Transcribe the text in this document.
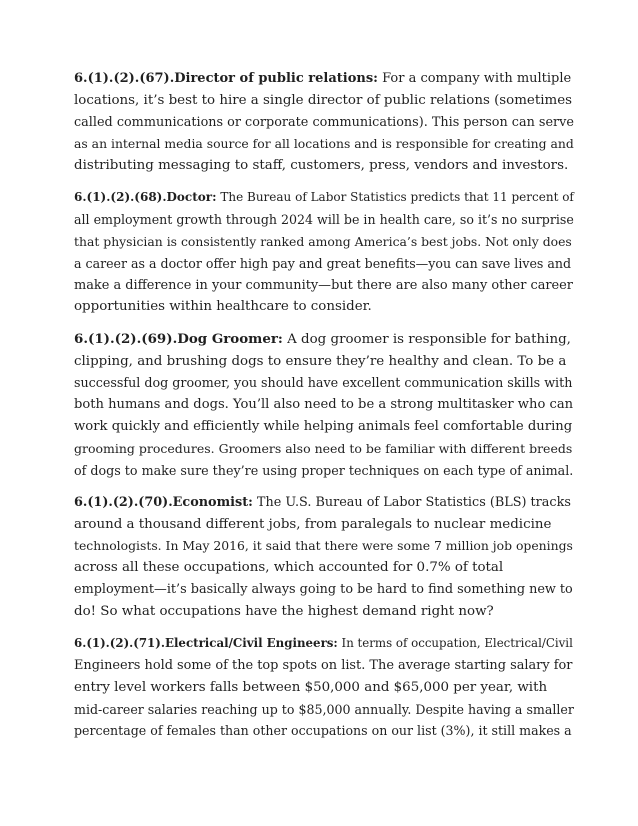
6.(1).(2).(67).Director of public relations: For a company with multiple
locations, it’s best to hire a single director of public relations (sometimes
called communications or corporate communications). This person can serve
as an internal media source for all locations and is responsible for creating and
distributing messaging to staff, customers, press, vendors and investors.
6.(1).(2).(68).Doctor: The Bureau of Labor Statistics predicts that 11 percent of
all employment growth through 2024 will be in health care, so it’s no surprise
that physician is consistently ranked among America’s best jobs. Not only does
a career as a doctor offer high pay and great benefits—you can save lives and
make a difference in your community—but there are also many other career
opportunities within healthcare to consider.
6.(1).(2).(69).Dog Groomer: A dog groomer is responsible for bathing,
clipping, and brushing dogs to ensure they’re healthy and clean. To be a
successful dog groomer, you should have excellent communication skills with
both humans and dogs. You’ll also need to be a strong multitasker who can
work quickly and efficiently while helping animals feel comfortable during
grooming procedures. Groomers also need to be familiar with different breeds
of dogs to make sure they’re using proper techniques on each type of animal.
6.(1).(2).(70).Economist: The U.S. Bureau of Labor Statistics (BLS) tracks
around a thousand different jobs, from paralegals to nuclear medicine
technologists. In May 2016, it said that there were some 7 million job openings
across all these occupations, which accounted for 0.7% of total
employment—it’s basically always going to be hard to find something new to
do! So what occupations have the highest demand right now?
6.(1).(2).(71).Electrical/Civil Engineers: In terms of occupation, Electrical/Civil
Engineers hold some of the top spots on list. The average starting salary for
entry level workers falls between $50,000 and $65,000 per year, with
mid-career salaries reaching up to $85,000 annually. Despite having a smaller
percentage of females than other occupations on our list (3%), it still makes a
